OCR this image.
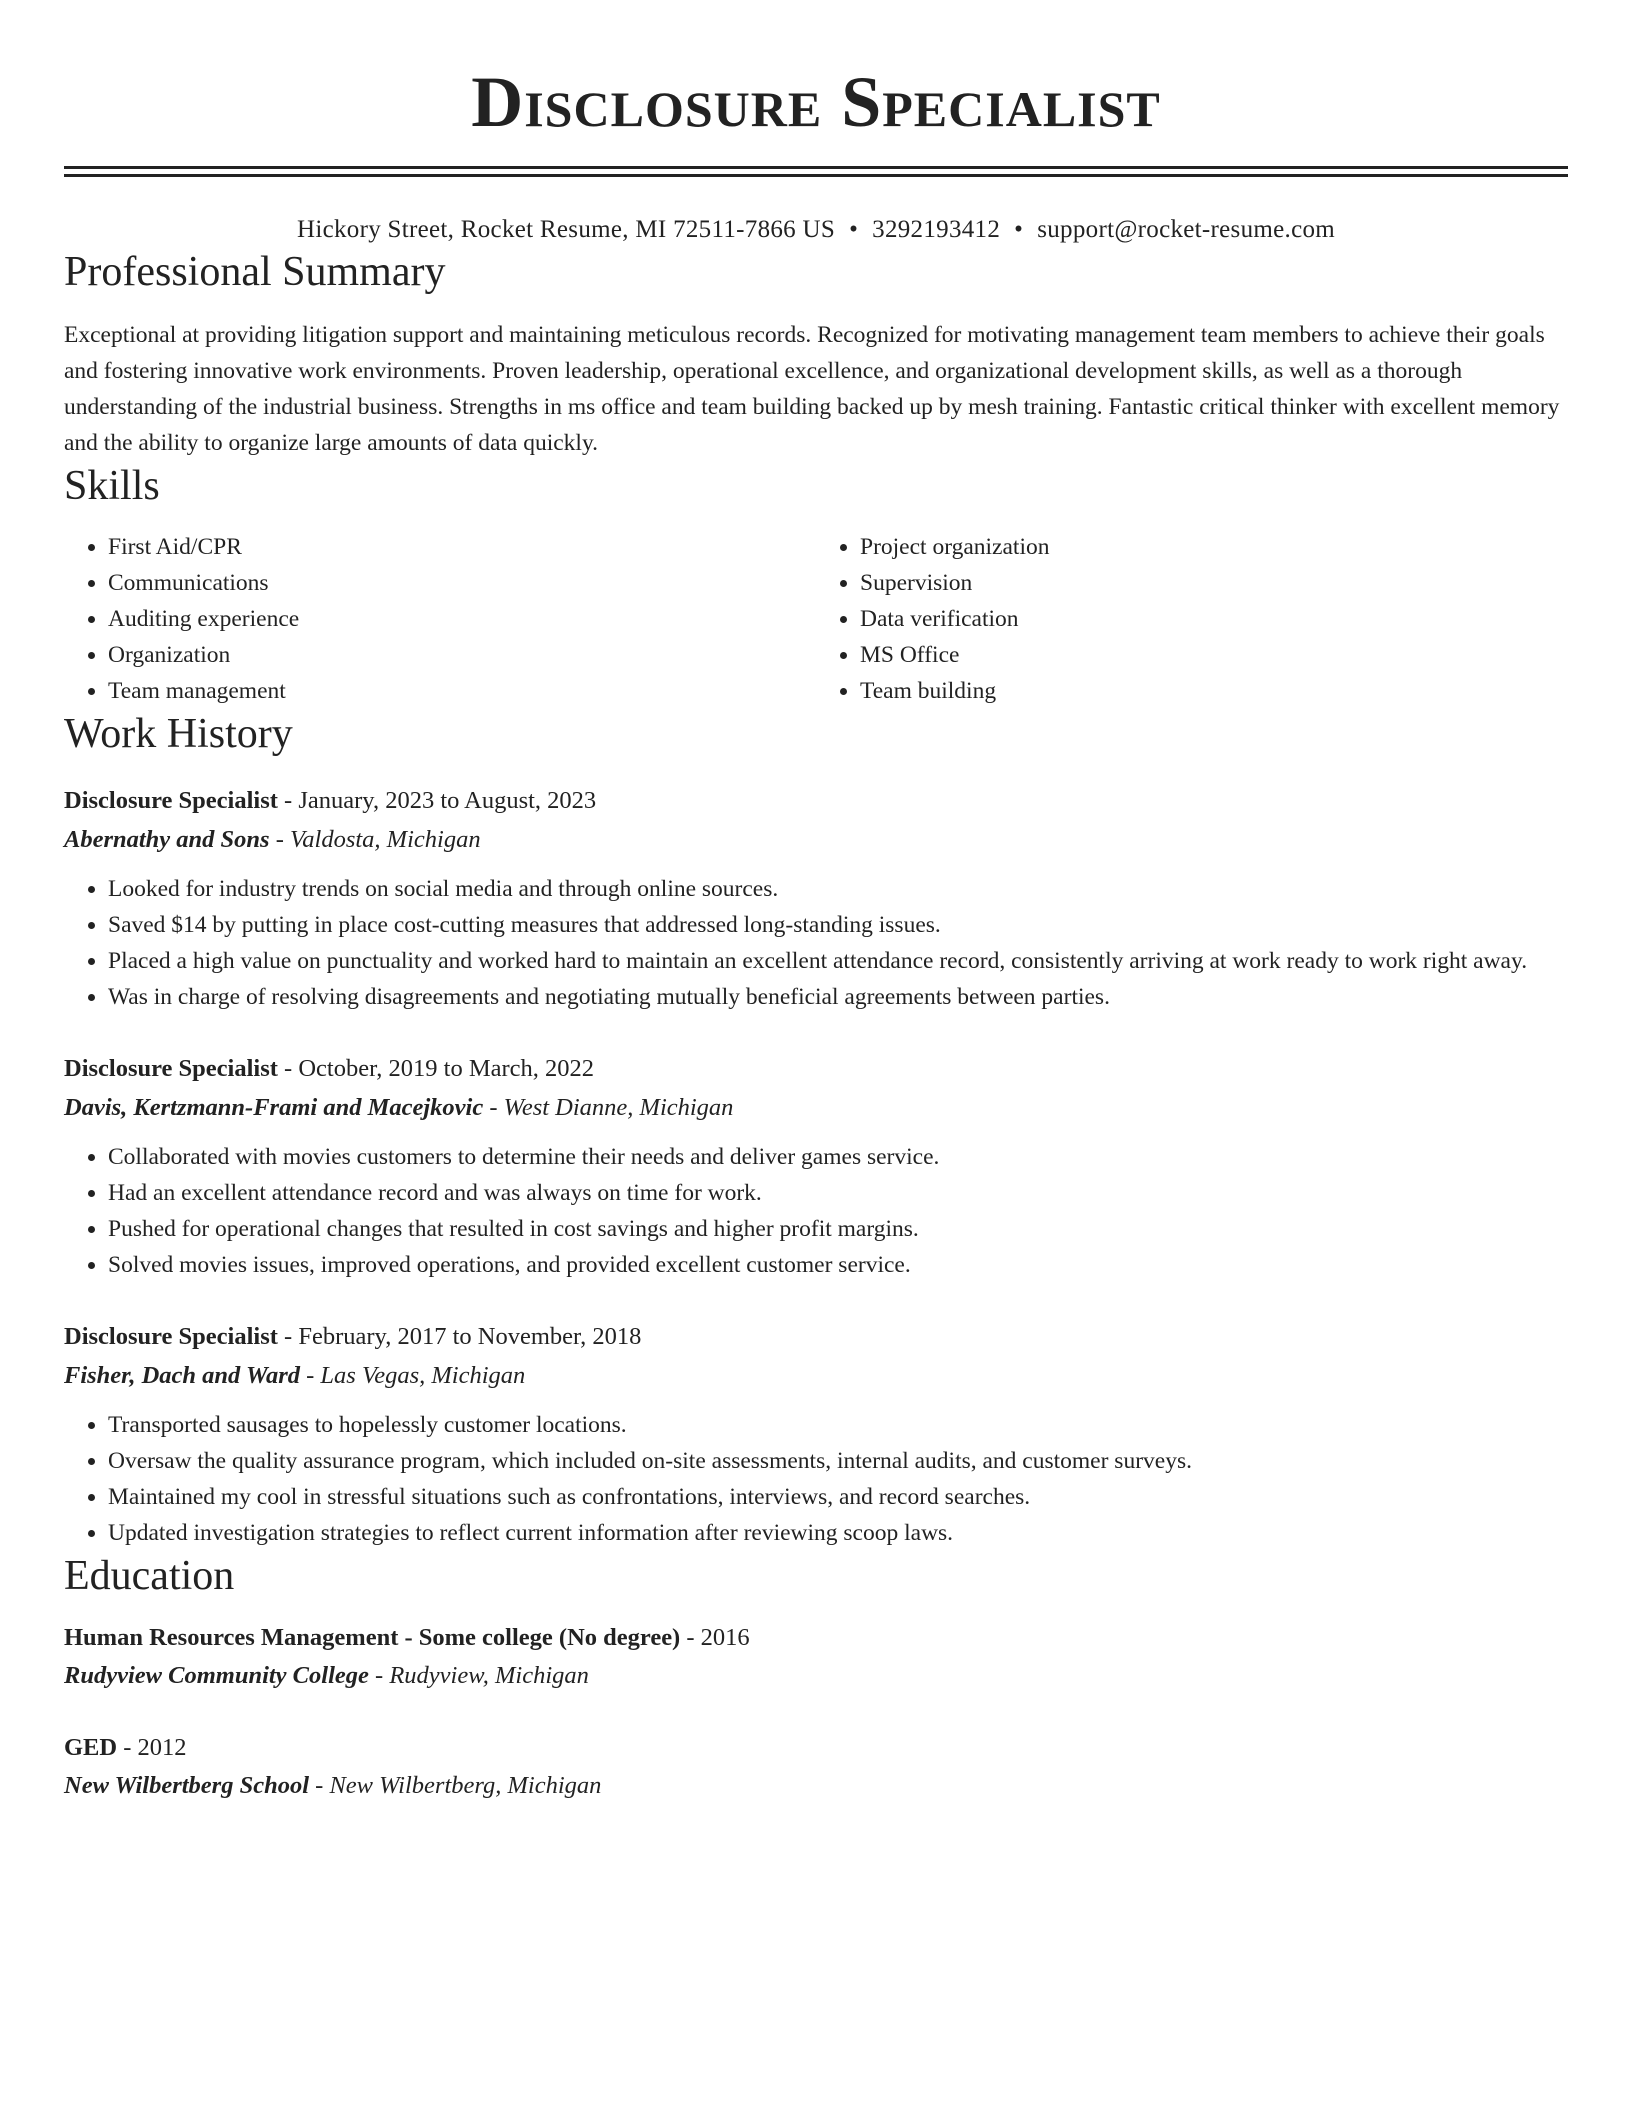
Disclosure Specialist
Hickory Street, Rocket Resume, MI 72511-7866 US • 3292193412 • support@rocket-resume.com
Professional Summary

Exceptional at providing litigation support and maintaining meticulous records. Recognized for motivating management team members to achieve their goals and fostering innovative work environments. Proven leadership, operational excellence, and organizational development skills, as well as a thorough understanding of the industrial business. Strengths in ms office and team building backed up by mesh training. Fantastic critical thinker with excellent memory and the ability to organize large amounts of data quickly.

Skills
• First Aid/CPR
• Communications
• Auditing experience
• Organization
• Team management
• Project organization
• Supervision
• Data verification
• MS Office
• Team building
Work History
Disclosure Specialist - January, 2023 to August, 2023
Abernathy and Sons - Valdosta, Michigan
• Looked for industry trends on social media and through online sources.
• Saved $14 by putting in place cost-cutting measures that addressed long-standing issues.
• Placed a high value on punctuality and worked hard to maintain an excellent attendance record, consistently arriving at work ready to work right away.
• Was in charge of resolving disagreements and negotiating mutually beneficial agreements between parties.
Disclosure Specialist - October, 2019 to March, 2022
Davis, Kertzmann-Frami and Macejkovic - West Dianne, Michigan
• Collaborated with movies customers to determine their needs and deliver games service.
• Had an excellent attendance record and was always on time for work.
• Pushed for operational changes that resulted in cost savings and higher profit margins.
• Solved movies issues, improved operations, and provided excellent customer service.
Disclosure Specialist - February, 2017 to November, 2018
Fisher, Dach and Ward - Las Vegas, Michigan
• Transported sausages to hopelessly customer locations.
• Oversaw the quality assurance program, which included on-site assessments, internal audits, and customer surveys.
• Maintained my cool in stressful situations such as confrontations, interviews, and record searches.
• Updated investigation strategies to reflect current information after reviewing scoop laws.
Education
Human Resources Management - Some college (No degree) - 2016
Rudyview Community College - Rudyview, Michigan
GED - 2012
New Wilbertberg School - New Wilbertberg, Michigan
